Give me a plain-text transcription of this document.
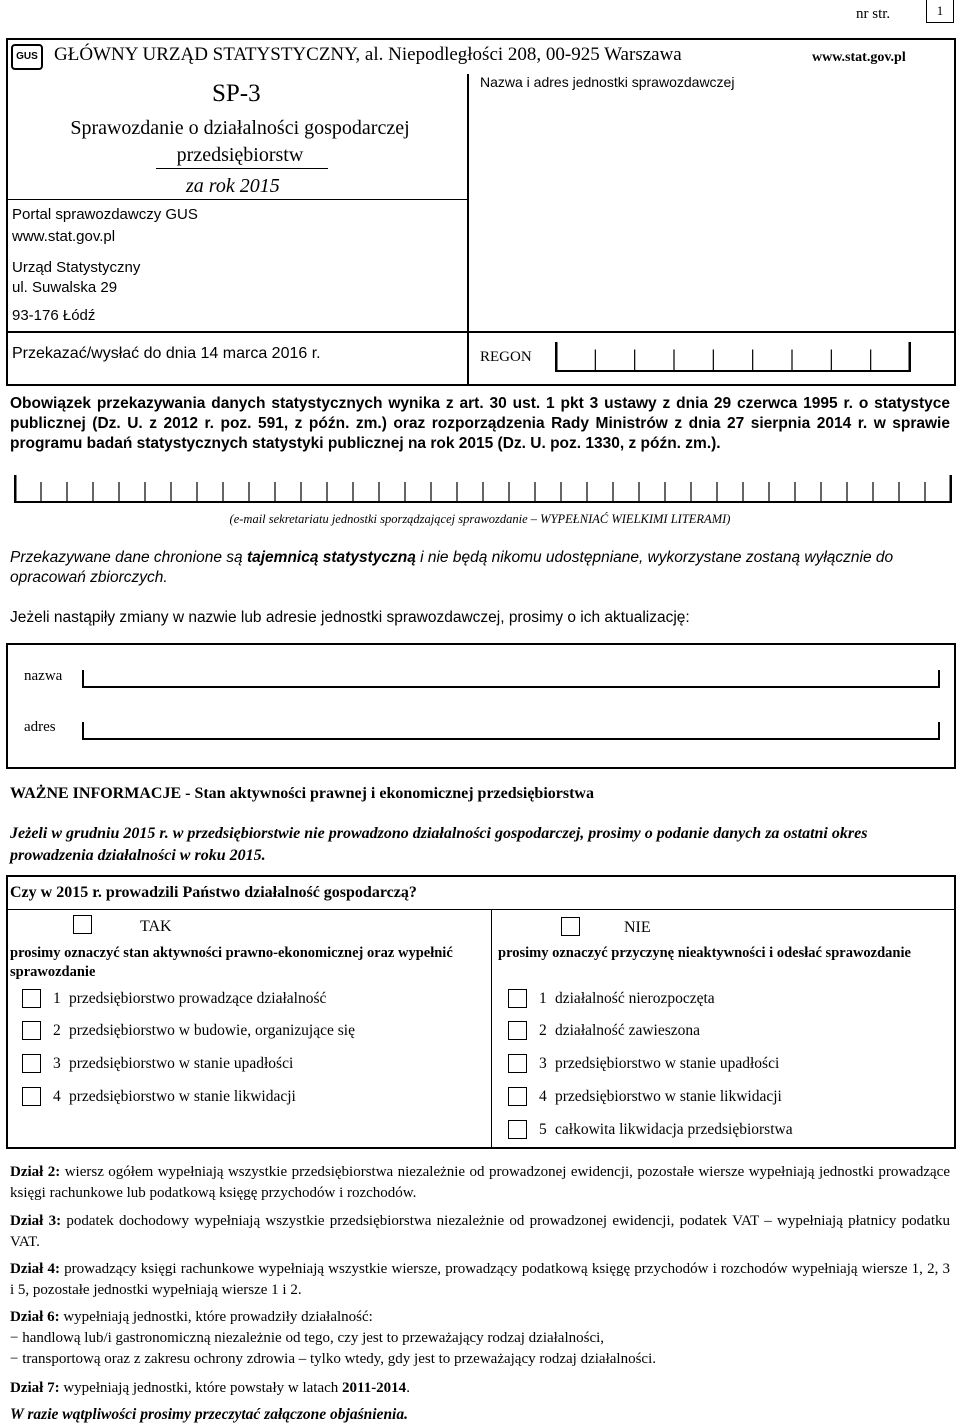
nr str.	1
GUS GŁÓWNY URZĄD STATYSTYCZNY, al. Niepodległości 208, 00-925 Warszawa	www.stat.gov.pl
SP-3
Sprawozdanie o działalności gospodarczej przedsiębiorstw
za rok 2015
Portal sprawozdawczy GUS
www.stat.gov.pl
Urząd Statystyczny
ul. Suwalska 29
93-176 Łódź
Przekazać/wysłać do dnia 14 marca 2016 r.
Nazwa i adres jednostki sprawozdawczej
REGON
Obowiązek przekazywania danych statystycznych wynika z art. 30 ust. 1 pkt 3 ustawy z dnia 29 czerwca 1995 r. o statystyce publicznej (Dz. U. z 2012 r. poz. 591, z późn. zm.) oraz rozporządzenia Rady Ministrów z dnia 27 sierpnia 2014 r. w sprawie programu badań statystycznych statystyki publicznej na rok 2015 (Dz. U. poz. 1330, z późn. zm.).
(e-mail sekretariatu jednostki sporządzającej sprawozdanie – WYPEŁNIAĆ WIELKIMI LITERAMI)
Przekazywane dane chronione są tajemnicą statystyczną i nie będą nikomu udostępniane, wykorzystane zostaną wyłącznie do opracowań zbiorczych.
Jeżeli nastąpiły zmiany w nazwie lub adresie jednostki sprawozdawczej, prosimy o ich aktualizację:
nazwa
adres
WAŻNE INFORMACJE - Stan aktywności prawnej i ekonomicznej przedsiębiorstwa
Jeżeli w grudniu 2015 r. w przedsiębiorstwie nie prowadzono działalności gospodarczej, prosimy o podanie danych za ostatni okres prowadzenia działalności w roku 2015.
Czy w 2015 r. prowadzili Państwo działalność gospodarczą?
TAK	NIE
prosimy oznaczyć stan aktywności prawno-ekonomicznej oraz wypełnić sprawozdanie
prosimy oznaczyć przyczynę nieaktywności i odesłać sprawozdanie
1 przedsiębiorstwo prowadzące działalność
2 przedsiębiorstwo w budowie, organizujące się
3 przedsiębiorstwo w stanie upadłości
4 przedsiębiorstwo w stanie likwidacji
1 działalność nierozpoczęta
2 działalność zawieszona
3 przedsiębiorstwo w stanie upadłości
4 przedsiębiorstwo w stanie likwidacji
5 całkowita likwidacja przedsiębiorstwa
Dział 2: wiersz ogółem wypełniają wszystkie przedsiębiorstwa niezależnie od prowadzonej ewidencji, pozostałe wiersze wypełniają jednostki prowadzące księgi rachunkowe lub podatkową księgę przychodów i rozchodów.
Dział 3: podatek dochodowy wypełniają wszystkie przedsiębiorstwa niezależnie od prowadzonej ewidencji, podatek VAT – wypełniają płatnicy podatku VAT.
Dział 4: prowadzący księgi rachunkowe wypełniają wszystkie wiersze, prowadzący podatkową księgę przychodów i rozchodów wypełniają wiersze 1, 2, 3 i 5, pozostałe jednostki wypełniają wiersze 1 i 2.
Dział 6: wypełniają jednostki, które prowadziły działalność:
− handlową lub/i gastronomiczną niezależnie od tego, czy jest to przeważający rodzaj działalności,
− transportową oraz z zakresu ochrony zdrowia – tylko wtedy, gdy jest to przeważający rodzaj działalności.
Dział 7: wypełniają jednostki, które powstały w latach 2011-2014.
W razie wątpliwości prosimy przeczytać załączone objaśnienia.
